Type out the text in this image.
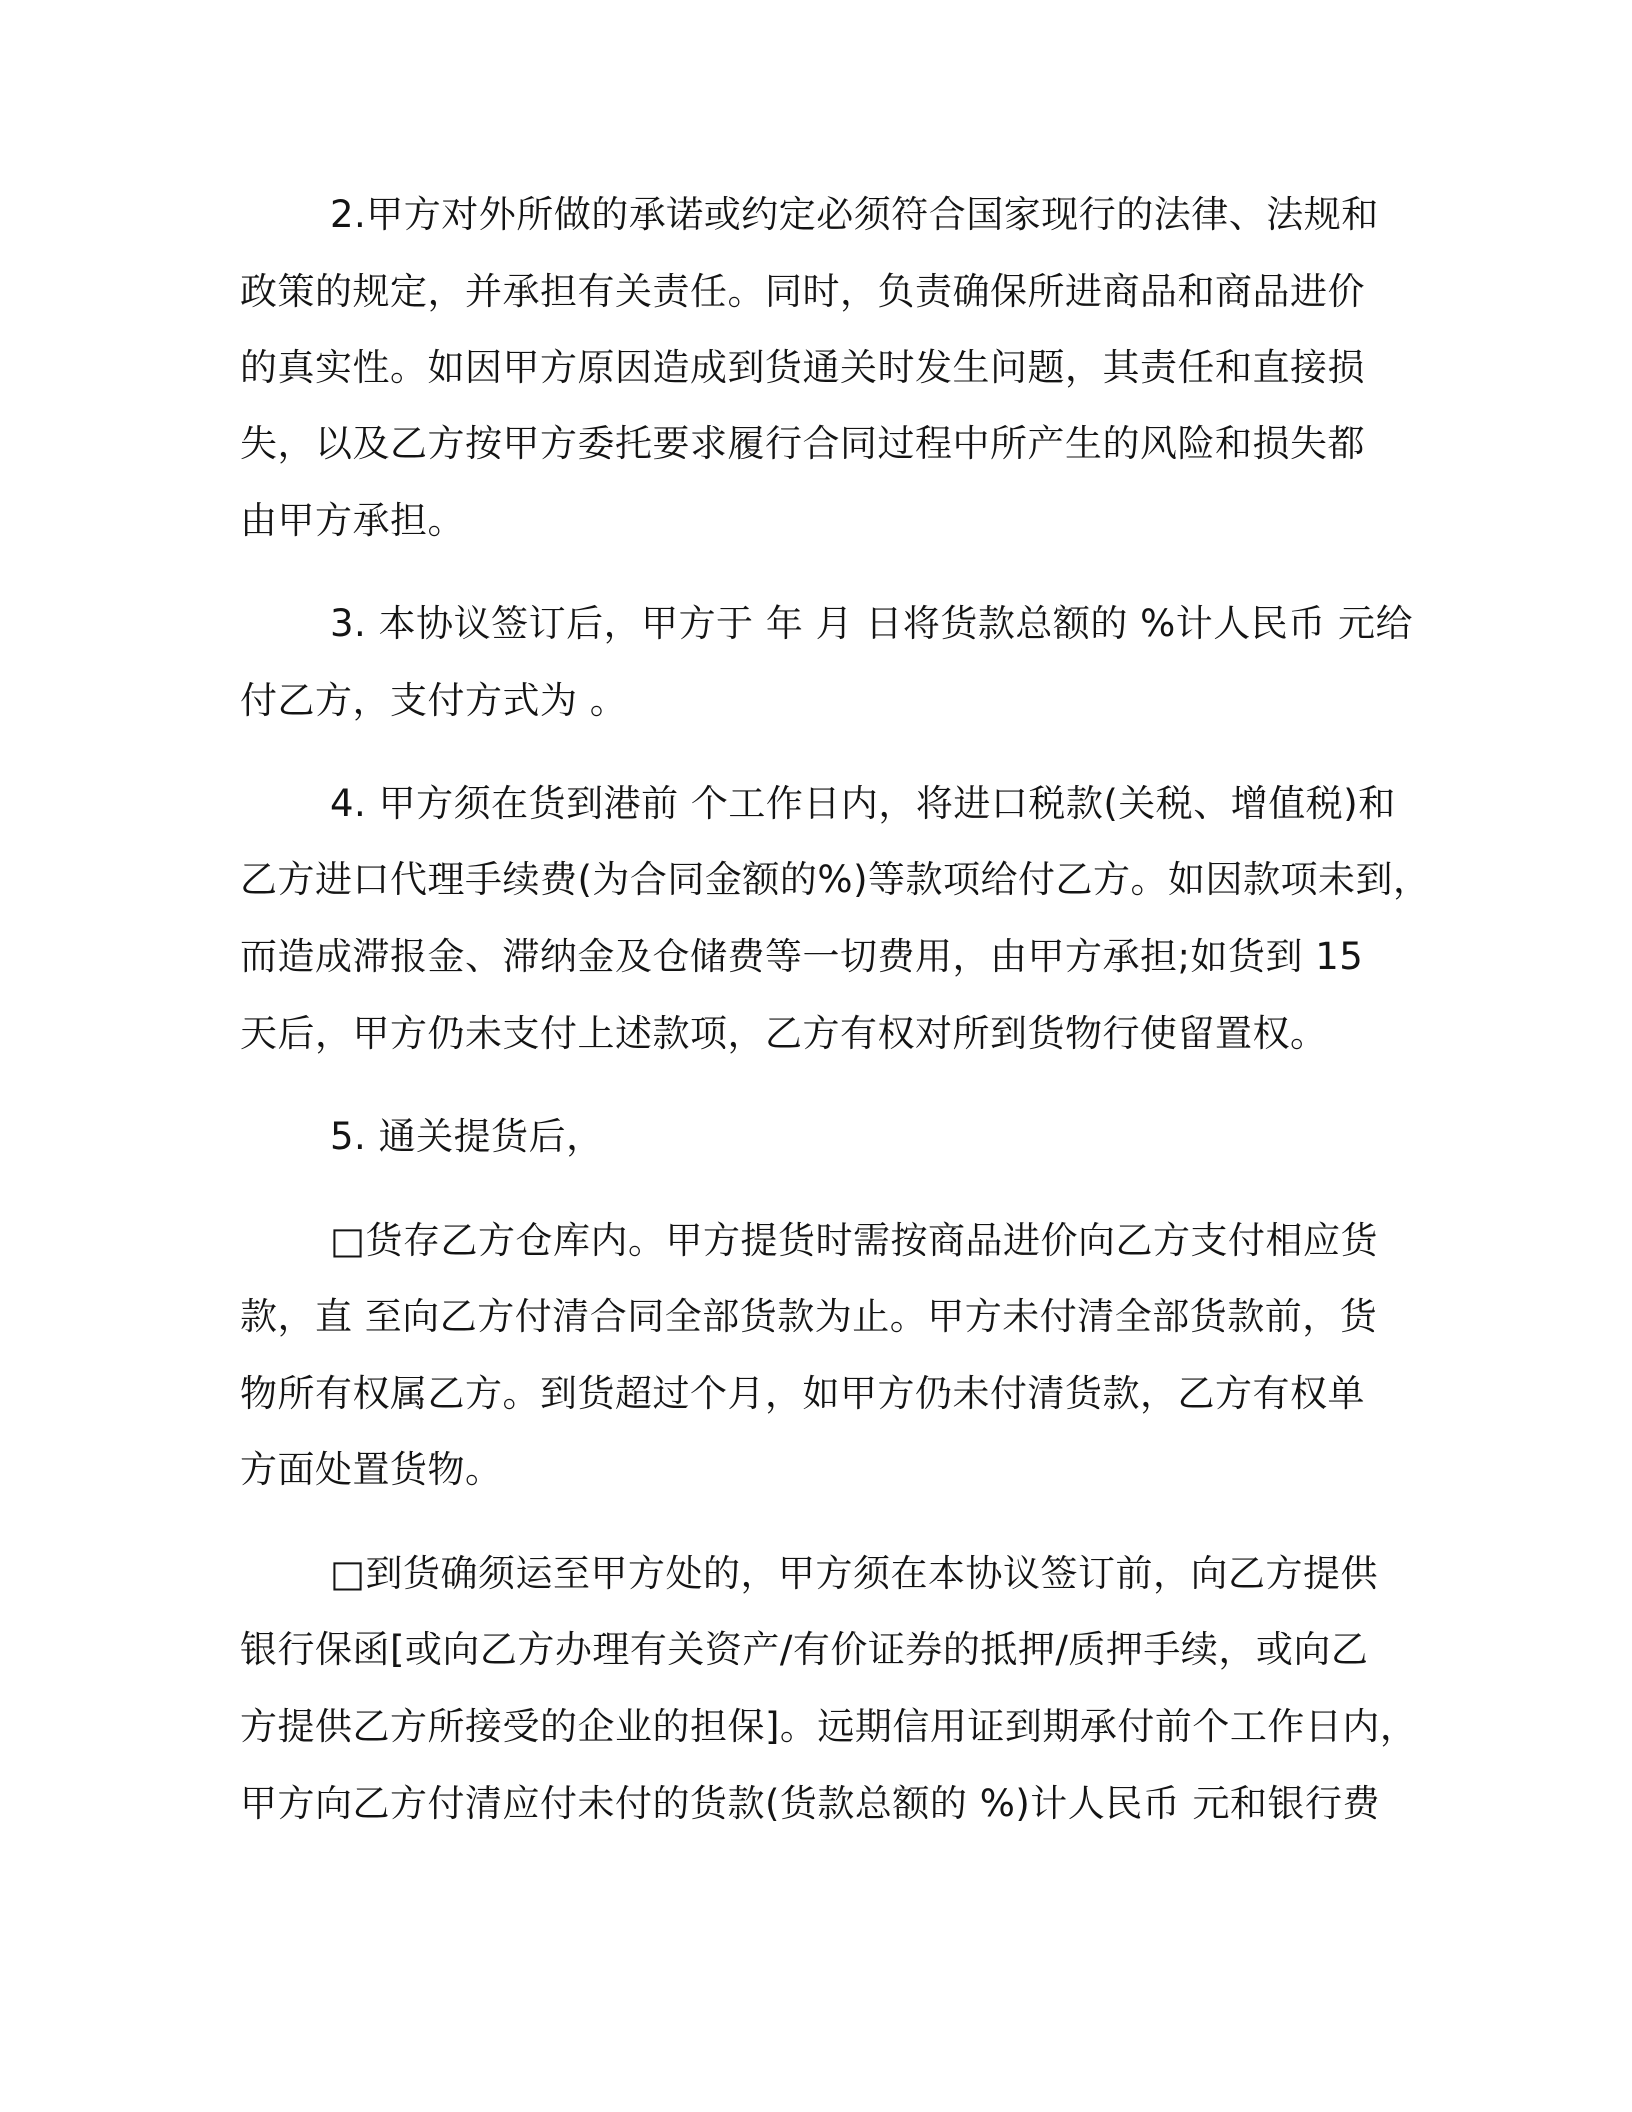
2.甲方对外所做的承诺或约定必须符合国家现行的法律、法规和
政策的规定，并承担有关责任。同时，负责确保所进商品和商品进价
的真实性。如因甲方原因造成到货通关时发生问题，其责任和直接损
失，以及乙方按甲方委托要求履行合同过程中所产生的风险和损失都
由甲方承担。
3. 本协议签订后，甲方于 年 月 日将货款总额的 %计人民币 元给
付乙方，支付方式为 。
4. 甲方须在货到港前 个工作日内，将进口税款(关税、增值税)和
乙方进口代理手续费(为合同金额的%)等款项给付乙方。如因款项未到，
而造成滞报金、滞纳金及仓储费等一切费用，由甲方承担;如货到 15
天后，甲方仍未支付上述款项，乙方有权对所到货物行使留置权。
5. 通关提货后，
□货存乙方仓库内。甲方提货时需按商品进价向乙方支付相应货
款，直 至向乙方付清合同全部货款为止。甲方未付清全部货款前，货
物所有权属乙方。到货超过个月，如甲方仍未付清货款，乙方有权单
方面处置货物。
□到货确须运至甲方处的，甲方须在本协议签订前，向乙方提供
银行保函[或向乙方办理有关资产/有价证券的抵押/质押手续，或向乙
方提供乙方所接受的企业的担保]。远期信用证到期承付前个工作日内，
甲方向乙方付清应付未付的货款(货款总额的 %)计人民币 元和银行费
